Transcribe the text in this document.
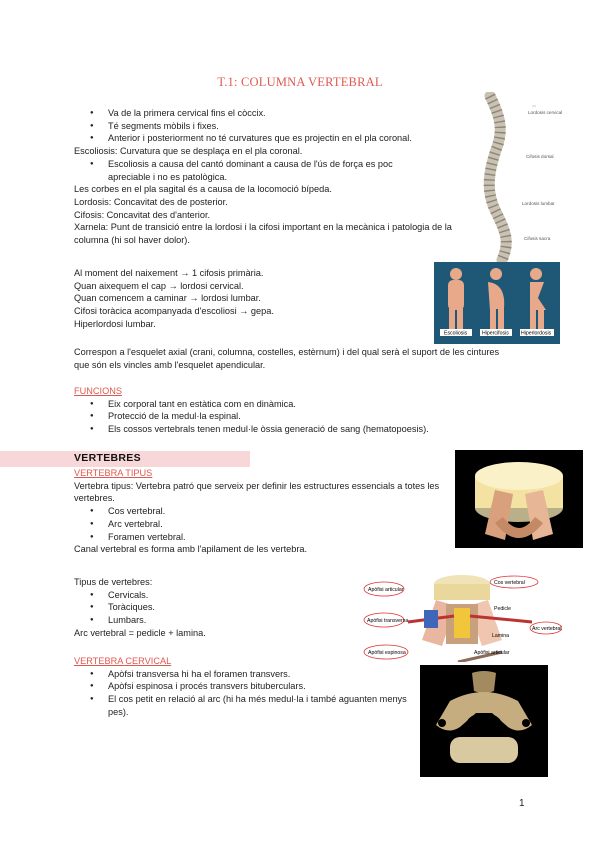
T.1: COLUMNA VERTEBRAL
● Va de la primera cervical fins el còccix.
● Té segments mòbils i fixes.
● Anterior i posteriorment no té curvatures que es projectin en el pla coronal.
Escoliosis: Curvatura que se desplaça en el pla coronal.
● Escoliosis a causa del cantó dominant a causa de l'ús de força es poc apreciable i no es patològica.
Les corbes en el pla sagital és a causa de la locomoció bípeda.
Lordosis: Concavitat des de posterior.
Cifosis: Concavitat des d'anterior.
Xarnela: Punt de transició entre la lordosi i la cifosi important en la mecànica i patologia de la columna (hi sol haver dolor).
Al moment del naixement → 1 cifosis primària.
Quan aixequem el cap → lordosi cervical.
Quan comencem a caminar → lordosi lumbar.
Cifosi toràcica acompanyada d'escoliosi → gepa.
Hiperlordosi lumbar.
Correspon a l'esquelet axial (crani, columna, costelles, estèrnum) i del qual serà el suport de les cintures que són els vincles amb l'esquelet apendicular.
FUNCIONS
● Eix corporal tant en estàtica com en dinàmica.
● Protecció de la medul·la espinal.
● Els cossos vertebrals tenen medul·le òssia generació de sang (hematopoesis).
VERTEBRES
VERTEBRA TIPUS
Vertebra tipus: Vertebra patró que serveix per definir les estructures essencials a totes les vertebres.
● Cos vertebral.
● Arc vertebral.
● Foramen vertebral.
Canal vertebral es forma amb l'apilament de les vertebra.
Tipus de vertebres:
● Cervicals.
● Toràciques.
● Lumbars.
Arc vertebral = pedicle + lamina.
VERTEBRA CERVICAL
● Apòfsi transversa hi ha el foramen transvers.
● Apòfsi espinosa i procés transvers bituberculars.
● El cos petit en relació al arc (hi ha més medul·la i també aguanten menys pes).
Lordosis cervical
Cifosis dorsal
Lordosis lumbar
Cifosis sacra
Escoliosis	Hipercifosis Hiperlordosis
Apòfisi articular
Cos vertebral
Pedicle
Apòfisi transversa
Arc vertebral
Lamina
Apòfisi espinosa	Apòfisi articular
1
